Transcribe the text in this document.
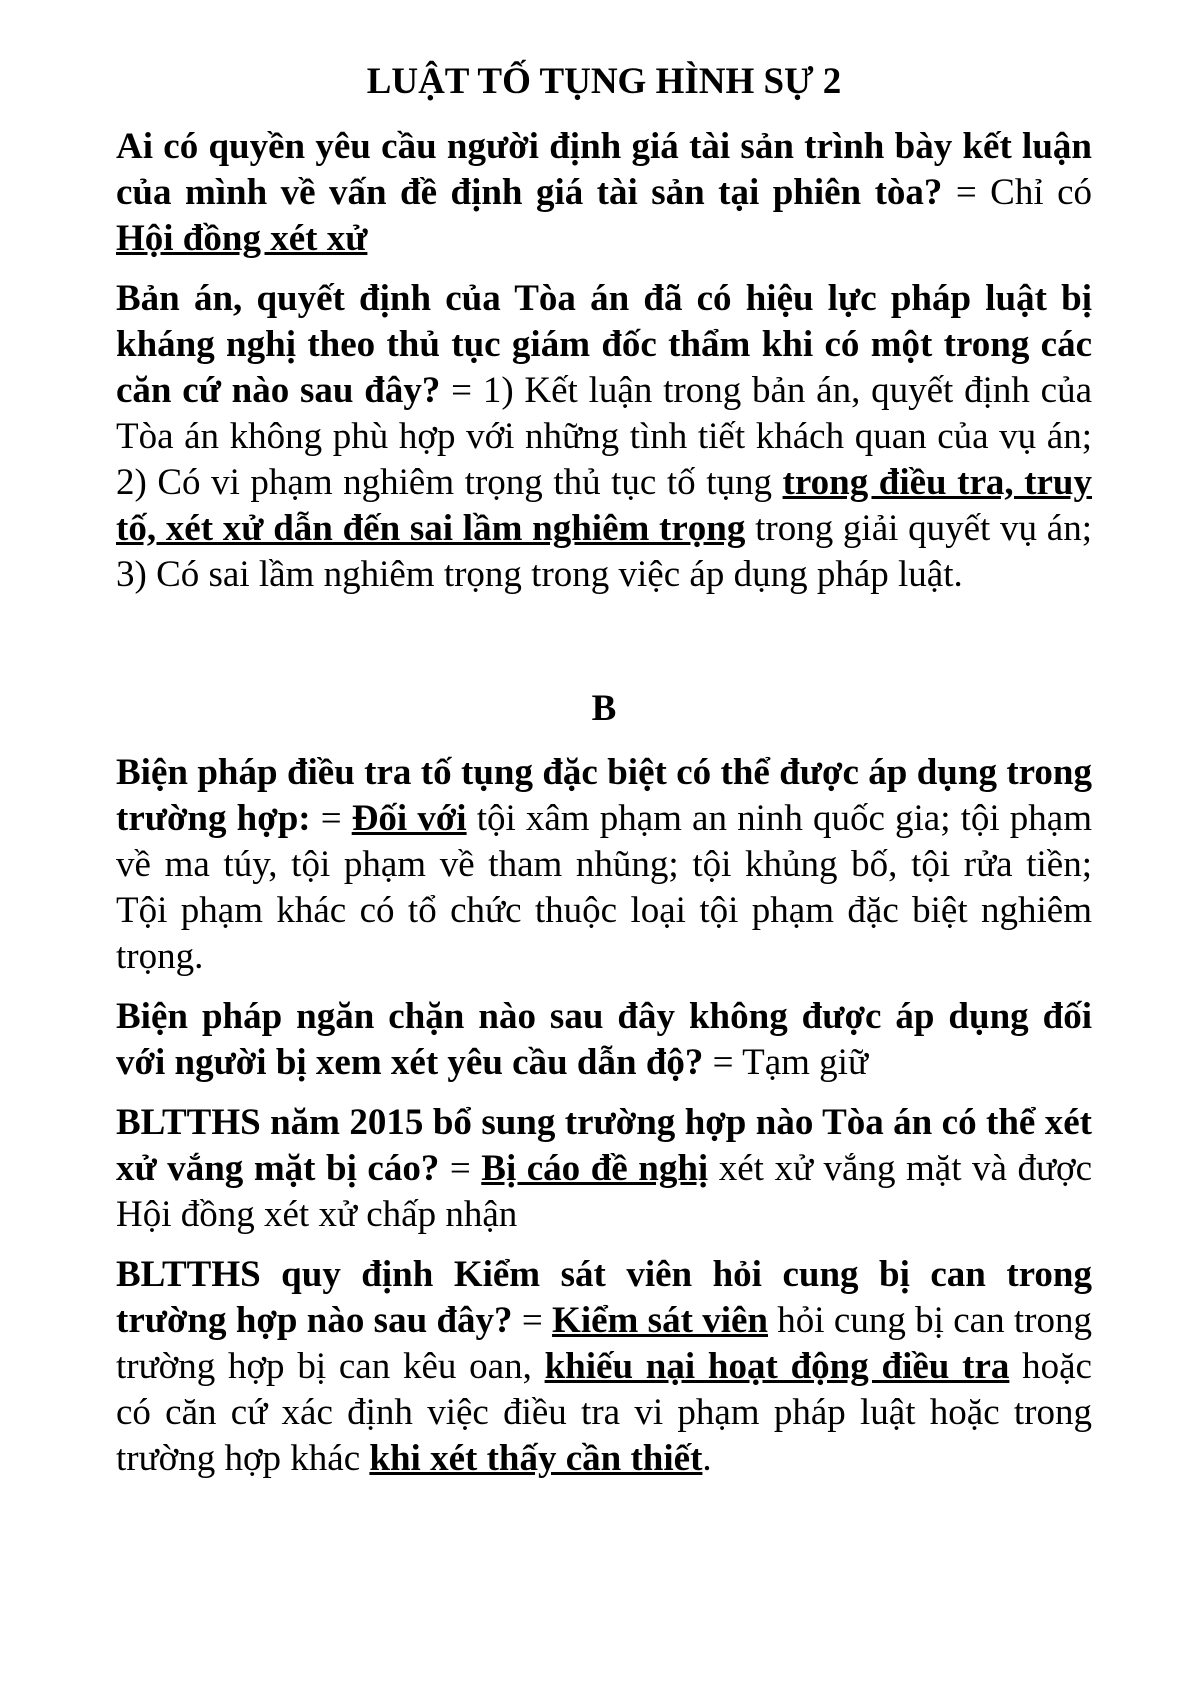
LUẬT TỐ TỤNG HÌNH SỰ 2

Ai có quyền yêu cầu người định giá tài sản trình bày kết luận của mình về vấn đề định giá tài sản tại phiên tòa? = Chỉ có Hội đồng xét xử

Bản án, quyết định của Tòa án đã có hiệu lực pháp luật bị kháng nghị theo thủ tục giám đốc thẩm khi có một trong các căn cứ nào sau đây? = 1) Kết luận trong bản án, quyết định của Tòa án không phù hợp với những tình tiết khách quan của vụ án; 2) Có vi phạm nghiêm trọng thủ tục tố tụng trong điều tra, truy tố, xét xử dẫn đến sai lầm nghiêm trọng trong giải quyết vụ án; 3) Có sai lầm nghiêm trọng trong việc áp dụng pháp luật.

B

Biện pháp điều tra tố tụng đặc biệt có thể được áp dụng trong trường hợp: = Đối với tội xâm phạm an ninh quốc gia; tội phạm về ma túy, tội phạm về tham nhũng; tội khủng bố, tội rửa tiền; Tội phạm khác có tổ chức thuộc loại tội phạm đặc biệt nghiêm trọng.

Biện pháp ngăn chặn nào sau đây không được áp dụng đối với người bị xem xét yêu cầu dẫn độ? = Tạm giữ

BLTTHS năm 2015 bổ sung trường hợp nào Tòa án có thể xét xử vắng mặt bị cáo? = Bị cáo đề nghị xét xử vắng mặt và được Hội đồng xét xử chấp nhận

BLTTHS quy định Kiểm sát viên hỏi cung bị can trong trường hợp nào sau đây? = Kiểm sát viên hỏi cung bị can trong trường hợp bị can kêu oan, khiếu nại hoạt động điều tra hoặc có căn cứ xác định việc điều tra vi phạm pháp luật hoặc trong trường hợp khác khi xét thấy cần thiết.
